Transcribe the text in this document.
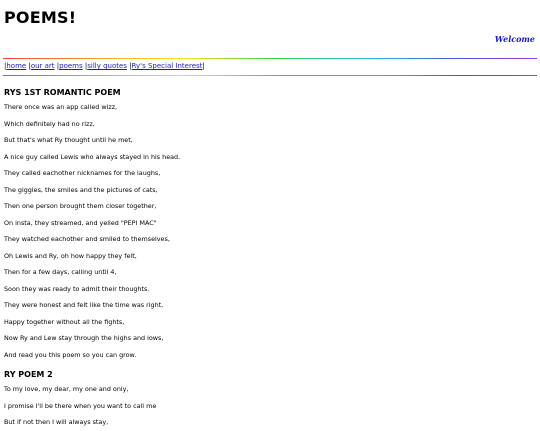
POEMS!
Welcome
|home |our art |poems |silly quotes |Ry's Special Interest|
RYS 1ST ROMANTIC POEM
There once was an app called wizz,
Which definitely had no rizz,
But that's what Ry thought until he met,
A nice guy called Lewis who always stayed in his head.
They called eachother nicknames for the laughs,
The giggles, the smiles and the pictures of cats,
Then one person brought them closer together,
On insta, they streamed, and yelled "PEPI MAC"
They watched eachother and smiled to themselves,
Oh Lewis and Ry, oh how happy they felt,
Then for a few days, calling until 4,
Soon they was ready to admit their thoughts.
They were honest and felt like the time was right,
Happy together without all the fights,
Now Ry and Lew stay through the highs and lows,
And read you this poem so you can grow.
RY POEM 2
To my love, my dear, my one and only,
I promise I'll be there when you want to call me
But if not then I will always stay,
